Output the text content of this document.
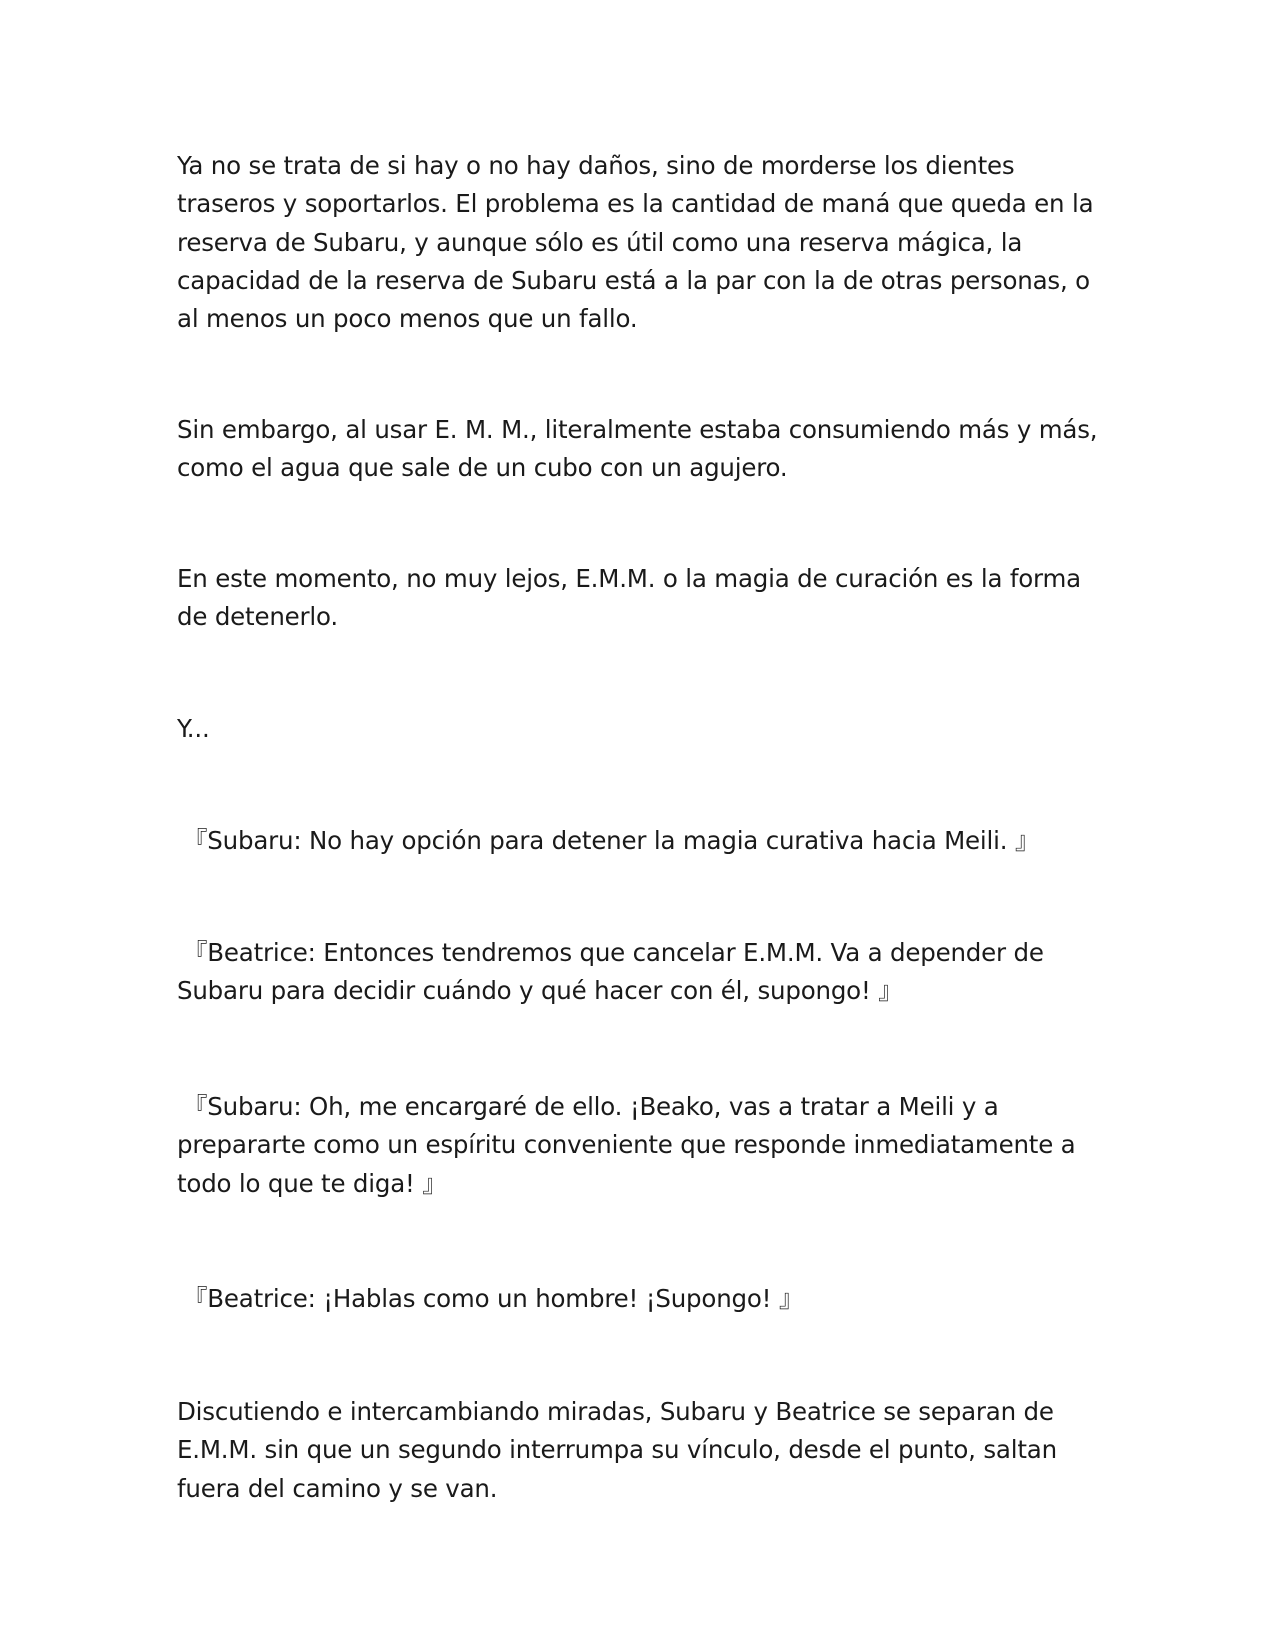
Ya no se trata de si hay o no hay daños, sino de morderse los dientes traseros y soportarlos. El problema es la cantidad de maná que queda en la reserva de Subaru, y aunque sólo es útil como una reserva mágica, la capacidad de la reserva de Subaru está a la par con la de otras personas, o al menos un poco menos que un fallo.

Sin embargo, al usar E. M. M., literalmente estaba consumiendo más y más, como el agua que sale de un cubo con un agujero.

En este momento, no muy lejos, E.M.M. o la magia de curación es la forma de detenerlo.

Y...

『Subaru: No hay opción para detener la magia curativa hacia Meili. 』

『Beatrice: Entonces tendremos que cancelar E.M.M. Va a depender de Subaru para decidir cuándo y qué hacer con él, supongo! 』

『Subaru: Oh, me encargaré de ello. ¡Beako, vas a tratar a Meili y a prepararte como un espíritu conveniente que responde inmediatamente a todo lo que te diga! 』

『Beatrice: ¡Hablas como un hombre! ¡Supongo! 』

Discutiendo e intercambiando miradas, Subaru y Beatrice se separan de E.M.M. sin que un segundo interrumpa su vínculo, desde el punto, saltan fuera del camino y se van.
